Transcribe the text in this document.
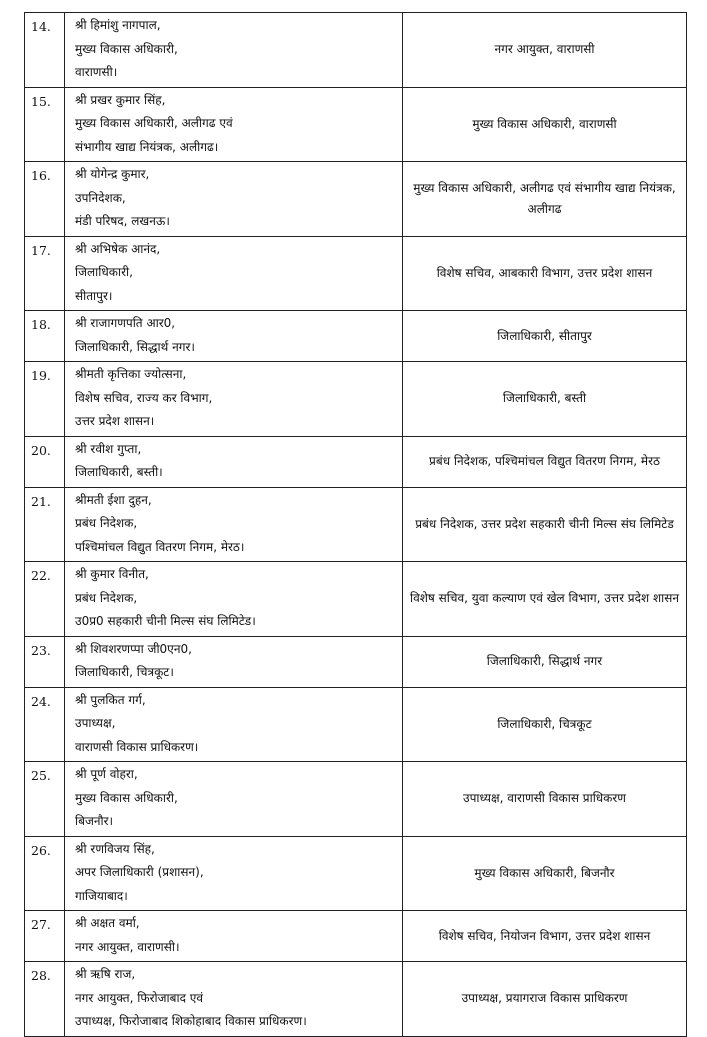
14.	श्री हिमांशु नागपाल,
मुख्य विकास अधिकारी,
वाराणसी।	नगर आयुक्त, वाराणसी
15.	श्री प्रखर कुमार सिंह,
मुख्य विकास अधिकारी, अलीगढ एवं
संभागीय खाद्य नियंत्रक, अलीगढ।	मुख्य विकास अधिकारी, वाराणसी
16.	श्री योगेन्द्र कुमार,
उपनिदेशक,
मंडी परिषद, लखनऊ।	मुख्य विकास अधिकारी, अलीगढ एवं संभागीय खाद्य नियंत्रक, अलीगढ
17.	श्री अभिषेक आनंद,
जिलाधिकारी,
सीतापुर।	विशेष सचिव, आबकारी विभाग, उत्तर प्रदेश शासन
18.	श्री राजागणपति आर0,
जिलाधिकारी, सिद्धार्थ नगर।	जिलाधिकारी, सीतापुर
19.	श्रीमती कृत्तिका ज्योत्सना,
विशेष सचिव, राज्य कर विभाग,
उत्तर प्रदेश शासन।	जिलाधिकारी, बस्ती
20.	श्री रवीश गुप्ता,
जिलाधिकारी, बस्ती।	प्रबंध निदेशक, पश्चिमांचल विद्युत वितरण निगम, मेरठ
21.	श्रीमती ईशा दुहन,
प्रबंध निदेशक,
पश्चिमांचल विद्युत वितरण निगम, मेरठ।	प्रबंध निदेशक, उत्तर प्रदेश सहकारी चीनी मिल्स संघ लिमिटेड
22.	श्री कुमार विनीत,
प्रबंध निदेशक,
उ0प्र0 सहकारी चीनी मिल्स संघ लिमिटेड।	विशेष सचिव, युवा कल्याण एवं खेल विभाग, उत्तर प्रदेश शासन
23.	श्री शिवशरणप्पा जी0एन0,
जिलाधिकारी, चित्रकूट।	जिलाधिकारी, सिद्धार्थ नगर
24.	श्री पुलकित गर्ग,
उपाध्यक्ष,
वाराणसी विकास प्राधिकरण।	जिलाधिकारी, चित्रकूट
25.	श्री पूर्ण वोहरा,
मुख्य विकास अधिकारी,
बिजनौर।	उपाध्यक्ष, वाराणसी विकास प्राधिकरण
26.	श्री रणविजय सिंह,
अपर जिलाधिकारी (प्रशासन),
गाजियाबाद।	मुख्य विकास अधिकारी, बिजनौर
27.	श्री अक्षत वर्मा,
नगर आयुक्त, वाराणसी।	विशेष सचिव, नियोजन विभाग, उत्तर प्रदेश शासन
28.	श्री ऋषि राज,
नगर आयुक्त, फिरोजाबाद एवं
उपाध्यक्ष, फिरोजाबाद शिकोहाबाद विकास प्राधिकरण।	उपाध्यक्ष, प्रयागराज विकास प्राधिकरण
